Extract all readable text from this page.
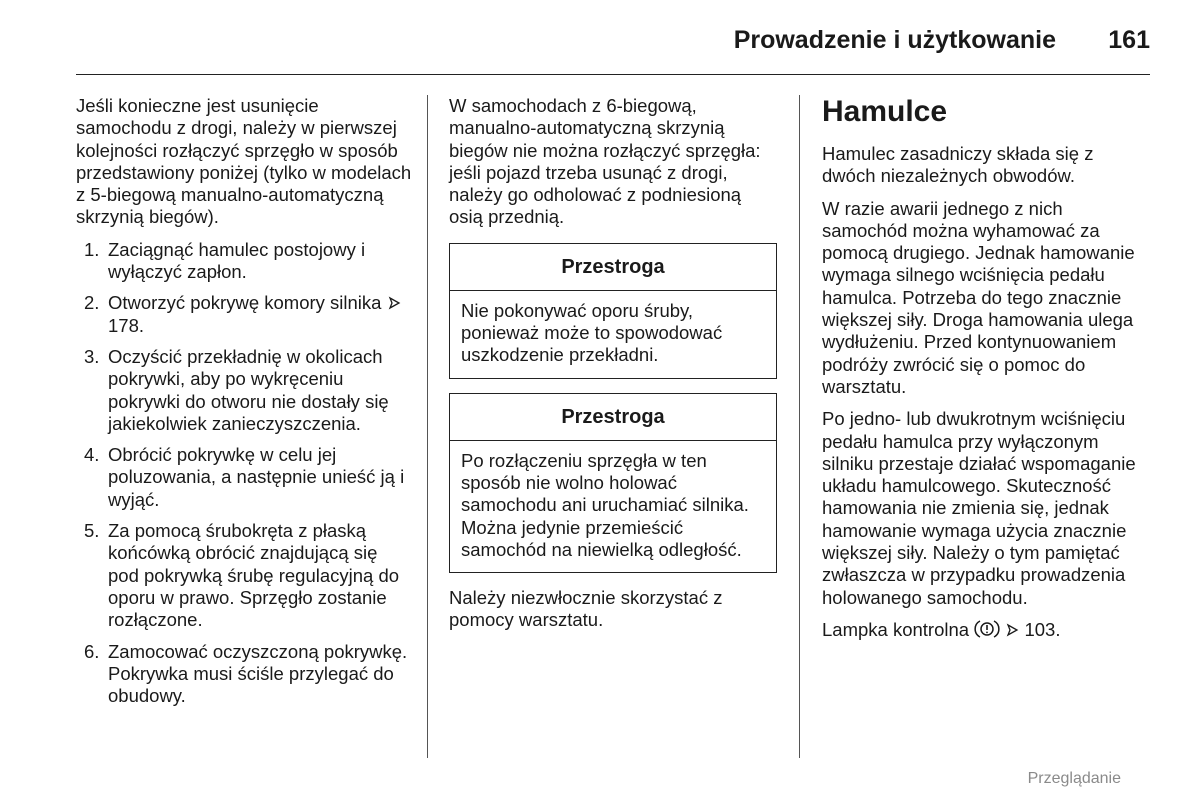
Prowadzenie i użytkowanie 161

Jeśli konieczne jest usunięcie samochodu z drogi, należy w pierwszej kolejności rozłączyć sprzęgło w sposób przedstawiony poniżej (tylko w modelach z 5-biegową manualno-automatyczną skrzynią biegów).

1. Zaciągnąć hamulec postojowy i wyłączyć zapłon.
2. Otworzyć pokrywę komory silnika  178.
3. Oczyścić przekładnię w okolicach pokrywki, aby po wykręceniu pokrywki do otworu nie dostały się jakiekolwiek zanieczyszczenia.
4. Obrócić pokrywkę w celu jej poluzowania, a następnie unieść ją i wyjąć.
5. Za pomocą śrubokręta z płaską końcówką obrócić znajdującą się pod pokrywką śrubę regulacyjną do oporu w prawo. Sprzęgło zostanie rozłączone.
6. Zamocować oczyszczoną pokrywkę. Pokrywka musi ściśle przylegać do obudowy.

W samochodach z 6-biegową, manualno-automatyczną skrzynią biegów nie można rozłączyć sprzęgła: jeśli pojazd trzeba usunąć z drogi, należy go odholować z podniesioną osią przednią.

Przestroga
Nie pokonywać oporu śruby, ponieważ może to spowodować uszkodzenie przekładni.
Przestroga
Po rozłączeniu sprzęgła w ten sposób nie wolno holować samochodu ani uruchamiać silnika. Można jedynie przemieścić samochód na niewielką odległość.

Należy niezwłocznie skorzystać z pomocy warsztatu.

Hamulce

Hamulec zasadniczy składa się z dwóch niezależnych obwodów.

W razie awarii jednego z nich samochód można wyhamować za pomocą drugiego. Jednak hamowanie wymaga silnego wciśnięcia pedału hamulca. Potrzeba do tego znacznie większej siły. Droga hamowania ulega wydłużeniu. Przed kontynuowaniem podróży zwrócić się o pomoc do warsztatu.

Po jedno- lub dwukrotnym wciśnięciu pedału hamulca przy wyłączonym silniku przestaje działać wspomaganie układu hamulcowego. Skuteczność hamowania nie zmienia się, jednak hamowanie wymaga użycia znacznie większej siły. Należy o tym pamiętać zwłaszcza w przypadku prowadzenia holowanego samochodu.

Lampka kontrolna	103.

Przeglądanie
